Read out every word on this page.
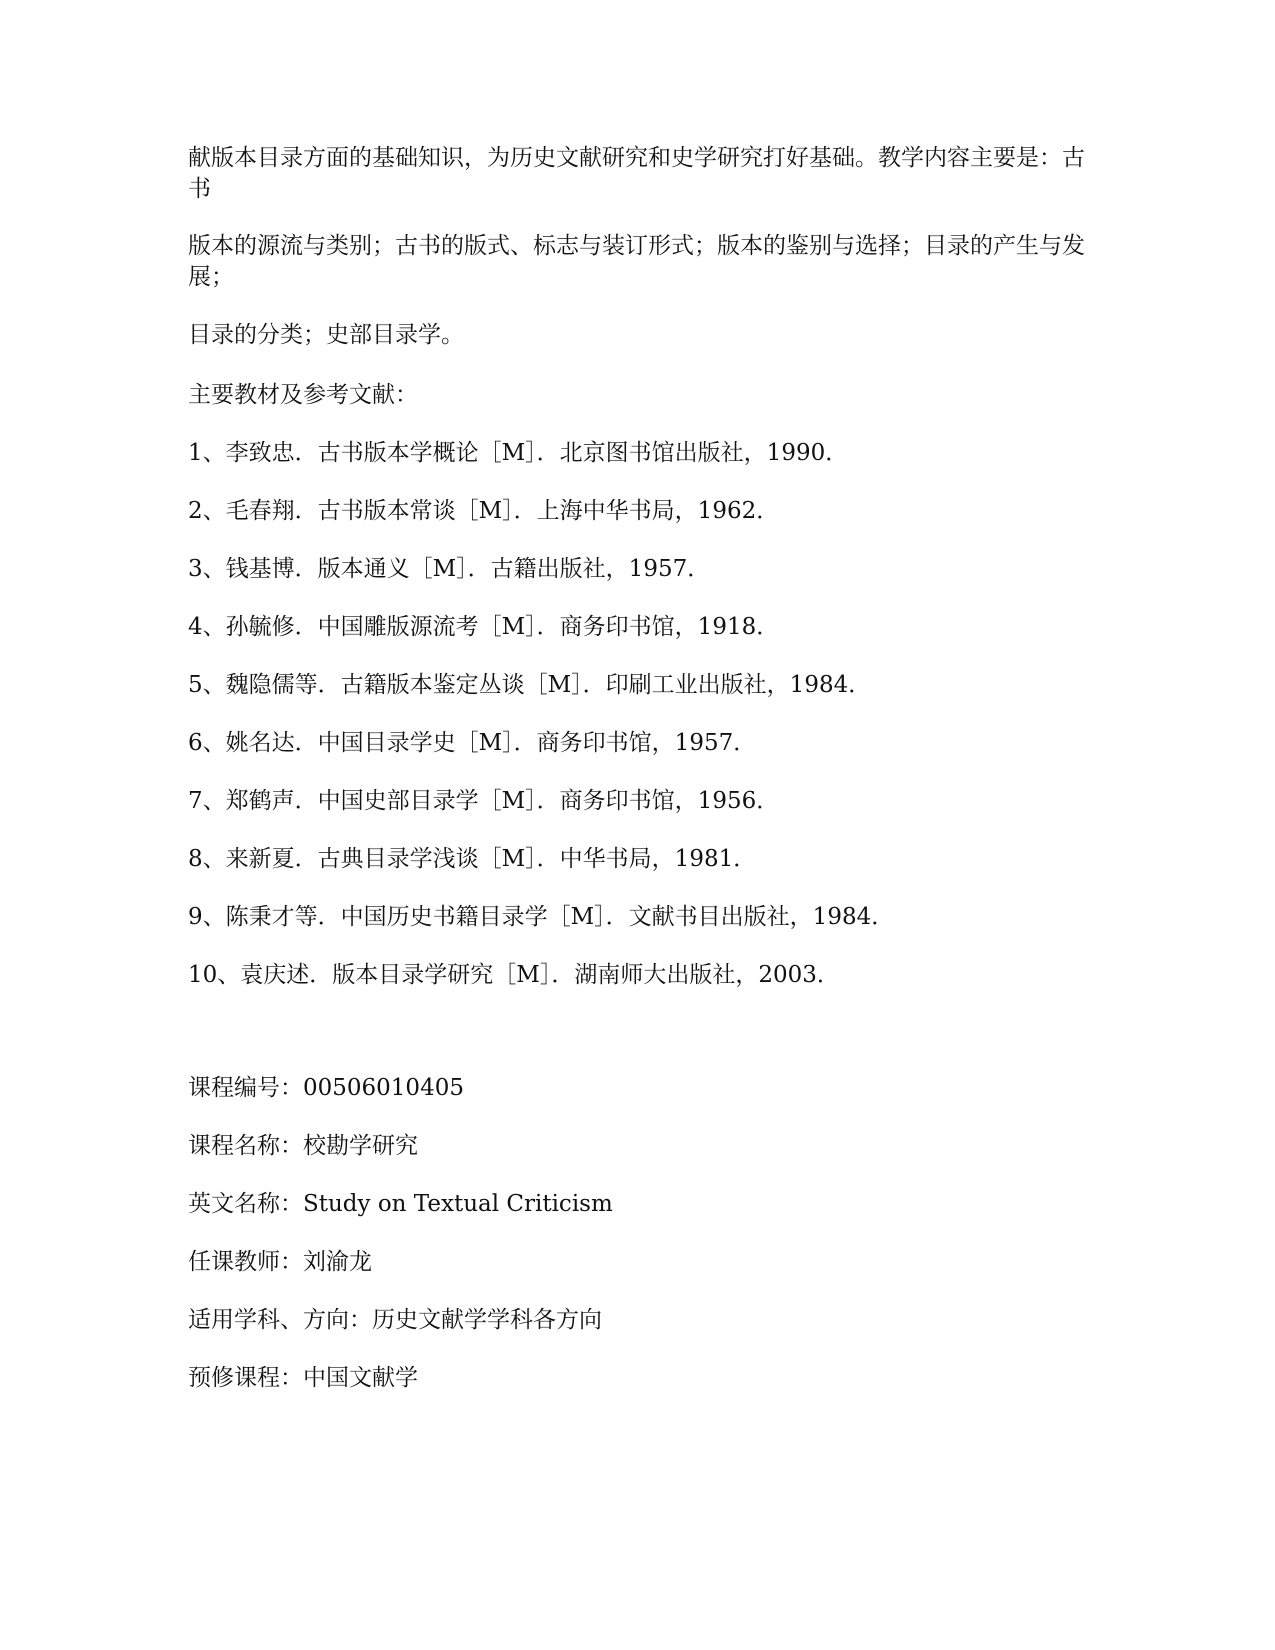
献版本目录方面的基础知识，为历史文献研究和史学研究打好基础。教学内容主要是：古书
版本的源流与类别；古书的版式、标志与装订形式；版本的鉴别与选择；目录的产生与发展；
目录的分类；史部目录学。
主要教材及参考文献：
1、李致忠．古书版本学概论［M］．北京图书馆出版社，1990．
2、毛春翔．古书版本常谈［M］．上海中华书局，1962．
3、钱基博．版本通义［M］．古籍出版社，1957．
4、孙毓修．中国雕版源流考［M］．商务印书馆，1918．
5、魏隐儒等．古籍版本鉴定丛谈［M］．印刷工业出版社，1984．
6、姚名达．中国目录学史［M］．商务印书馆，1957．
7、郑鹤声．中国史部目录学［M］．商务印书馆，1956．
8、来新夏．古典目录学浅谈［M］．中华书局，1981．
9、陈秉才等．中国历史书籍目录学［M］．文献书目出版社，1984．
10、袁庆述．版本目录学研究［M］．湖南师大出版社，2003．
课程编号：00506010405
课程名称：校勘学研究
英文名称：Study on Textual Criticism
任课教师：刘渝龙
适用学科、方向：历史文献学学科各方向
预修课程：中国文献学
